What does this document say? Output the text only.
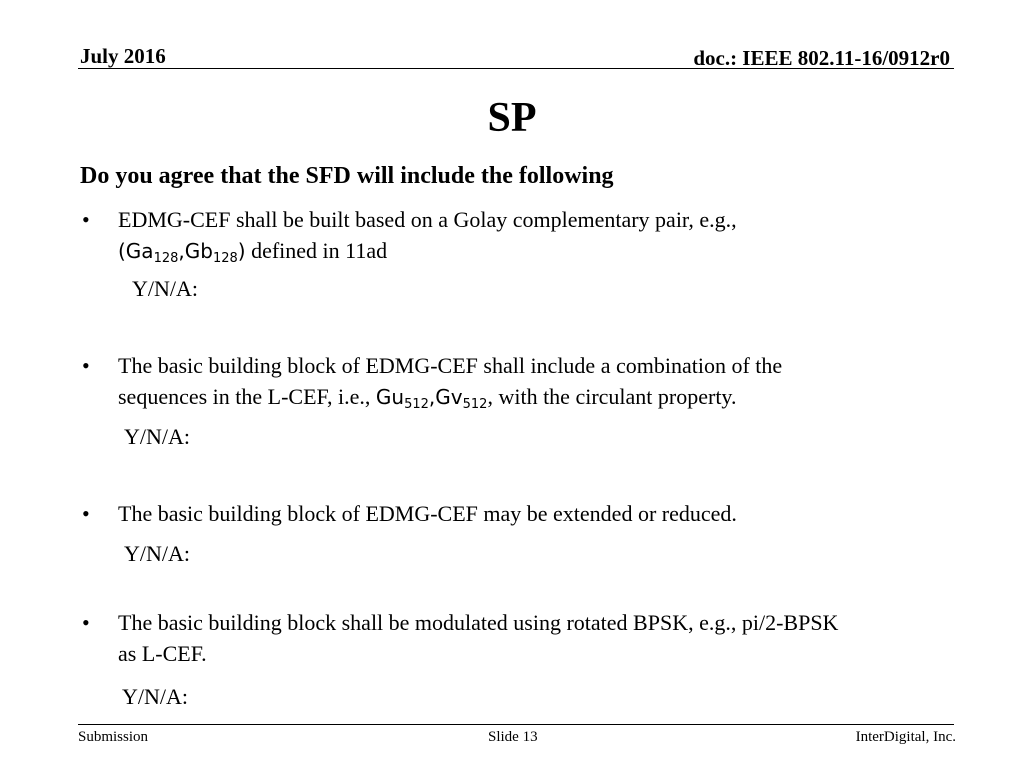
July 2016	doc.: IEEE 802.11-16/0912r0
SP
Do you agree that the SFD will include the following
• EDMG-CEF shall be built based on a Golay complementary pair, e.g.,
$(Ga_{128},Gb_{128})$ defined in 11ad
Y/N/A:
• The basic building block of EDMG-CEF shall include a combination of the
sequences in the L-CEF, i.e., $Gu_{512},Gv_{512}$, with the circulant property.
Y/N/A:
• The basic building block of EDMG-CEF may be extended or reduced.
Y/N/A:
• The basic building block shall be modulated using rotated BPSK, e.g., pi/2-BPSK
as L-CEF.
Y/N/A:
Submission	Slide 13	InterDigital, Inc.
